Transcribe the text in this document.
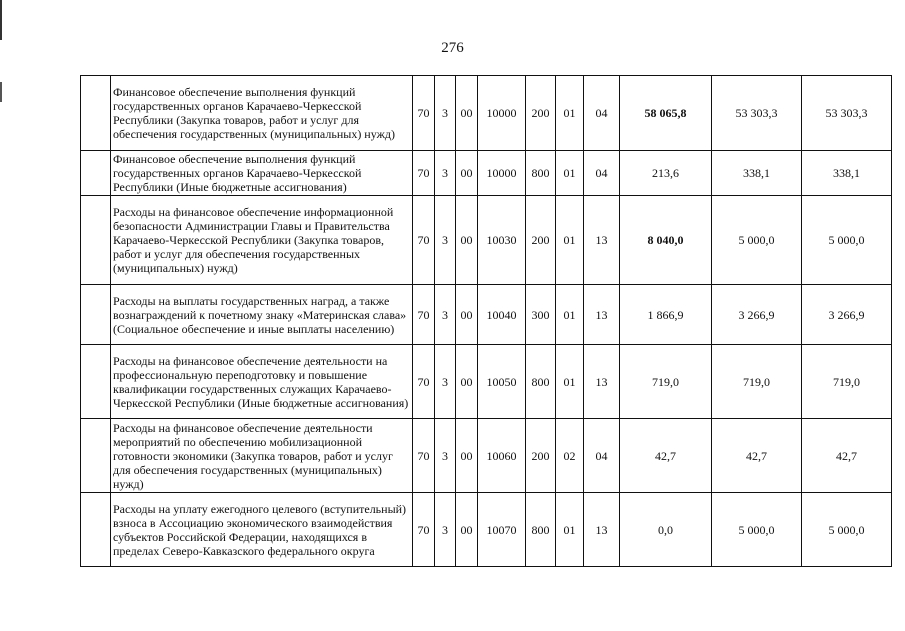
276
	Финансовое обеспечение выполнения функций государственных органов Карачаево-Черкесской Республики (Закупка товаров, работ и услуг для обеспечения государственных (муниципальных) нужд)	70	3	00	10000	200	01	04	58 065,8	53 303,3	53 303,3
	Финансовое обеспечение выполнения функций государственных органов Карачаево-Черкесской Республики (Иные бюджетные ассигнования)	70	3	00	10000	800	01	04	213,6	338,1	338,1
	Расходы на финансовое обеспечение информационной безопасности Администрации Главы и Правительства Карачаево-Черкесской Республики (Закупка товаров, работ и услуг для обеспечения государственных (муниципальных) нужд)	70	3	00	10030	200	01	13	8 040,0	5 000,0	5 000,0
	Расходы на выплаты государственных наград, а также вознаграждений к почетному знаку «Материнская слава» (Социальное обеспечение и иные выплаты населению)	70	3	00	10040	300	01	13	1 866,9	3 266,9	3 266,9
	Расходы на финансовое обеспечение деятельности на профессиональную переподготовку и повышение квалификации государственных служащих Карачаево-Черкесской Республики (Иные бюджетные ассигнования)	70	3	00	10050	800	01	13	719,0	719,0	719,0
	Расходы на финансовое обеспечение деятельности мероприятий по обеспечению мобилизационной готовности экономики (Закупка товаров, работ и услуг для обеспечения государственных (муниципальных) нужд)	70	3	00	10060	200	02	04	42,7	42,7	42,7
	Расходы на уплату ежегодного целевого (вступительный) взноса в Ассоциацию экономического взаимодействия субъектов Российской Федерации, находящихся в пределах Северо-Кавказского федерального округа	70	3	00	10070	800	01	13	0,0	5 000,0	5 000,0
